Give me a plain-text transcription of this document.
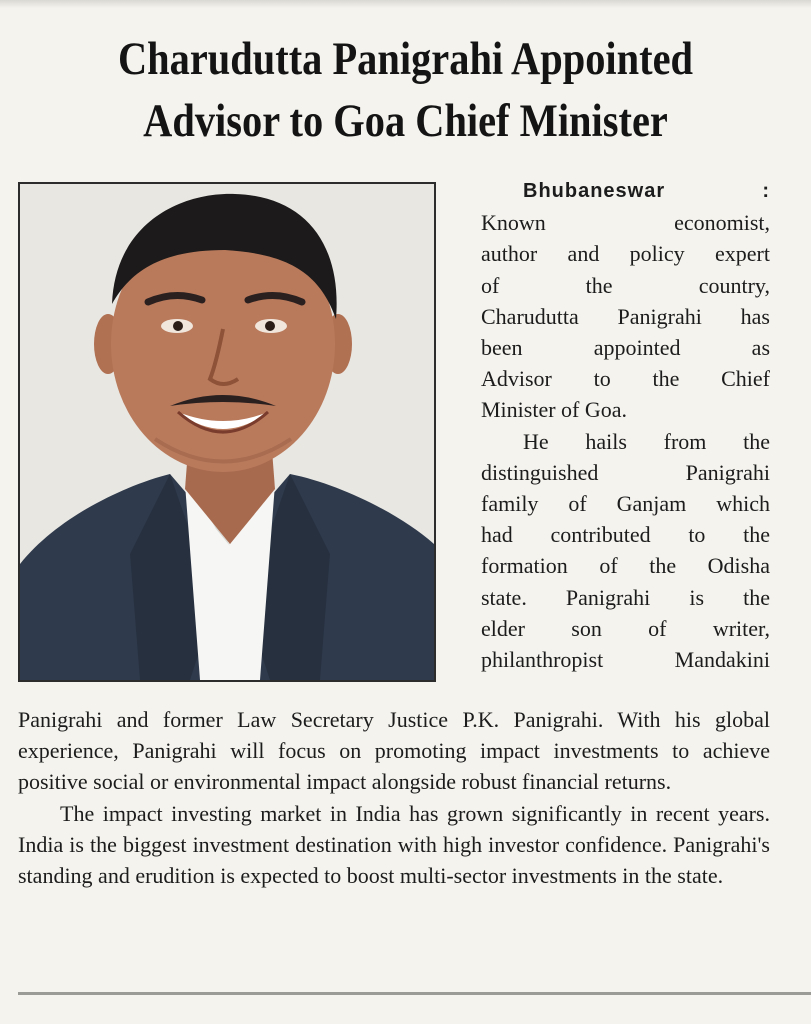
Charudutta Panigrahi Appointed
Advisor to Goa Chief Minister

Bhubaneswar :

Known economist,

author and policy expert

of the country,

Charudutta Panigrahi has

been appointed as

Advisor to the Chief

Minister of Goa.

He hails from the

distinguished Panigrahi

family of Ganjam which

had contributed to the

formation of the Odisha

state. Panigrahi is the

elder son of writer,

philanthropist Mandakini

Panigrahi and former Law Secretary Justice P.K. Panigrahi. With his global experience, Panigrahi will focus on promoting impact investments to achieve positive social or environmental impact alongside robust financial returns.

The impact investing market in India has grown significantly in recent years. India is the biggest investment destination with high investor confidence. Panigrahi's standing and erudition is expected to boost multi-sector investments in the state.
